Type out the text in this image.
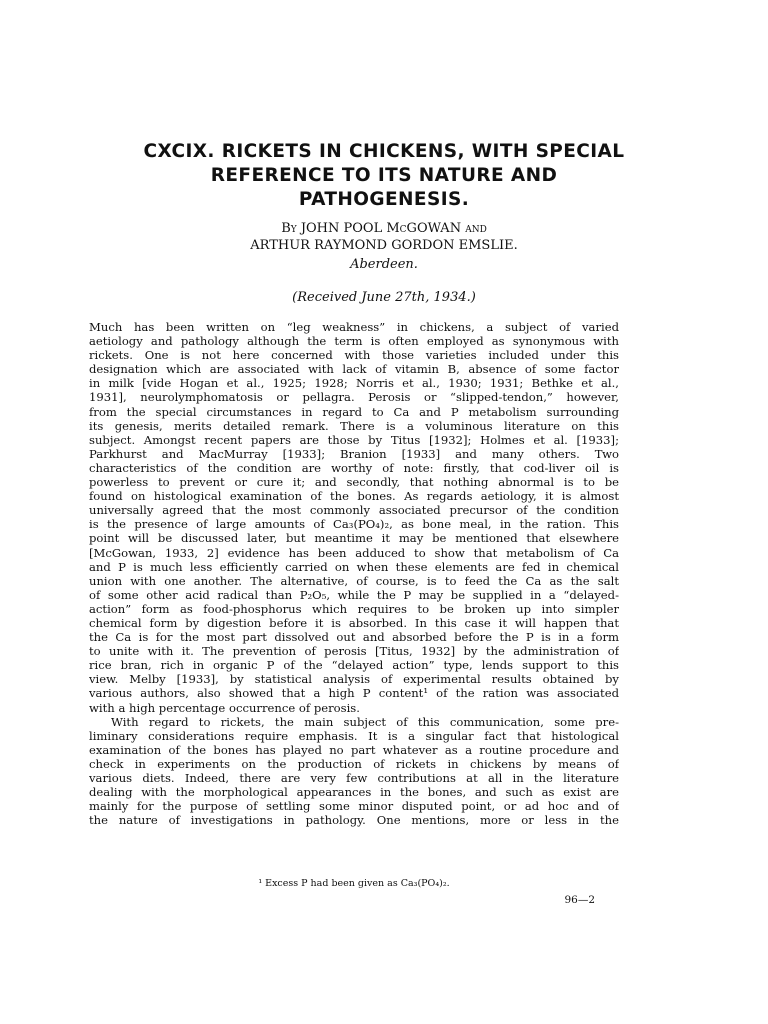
CXCIX. RICKETS IN CHICKENS, WITH SPECIAL
REFERENCE TO ITS NATURE AND
PATHOGENESIS.
By JOHN POOL McGOWAN and
ARTHUR RAYMOND GORDON EMSLIE.
Aberdeen.
(Received June 27th, 1934.)
Much has been written on “leg weakness” in chickens, a subject of varied
aetiology and pathology although the term is often employed as synonymous with
rickets. One is not here concerned with those varieties included under this
designation which are associated with lack of vitamin B, absence of some factor
in milk [vide Hogan et al., 1925; 1928; Norris et al., 1930; 1931; Bethke et al.,
1931], neurolymphomatosis or pellagra. Perosis or “slipped-tendon,” however,
from the special circumstances in regard to Ca and P metabolism surrounding
its genesis, merits detailed remark. There is a voluminous literature on this
subject. Amongst recent papers are those by Titus [1932]; Holmes et al. [1933];
Parkhurst and MacMurray [1933]; Branion [1933] and many others. Two
characteristics of the condition are worthy of note: firstly, that cod-liver oil is
powerless to prevent or cure it; and secondly, that nothing abnormal is to be
found on histological examination of the bones. As regards aetiology, it is almost
universally agreed that the most commonly associated precursor of the condition
is the presence of large amounts of Ca₃(PO₄)₂, as bone meal, in the ration. This
point will be discussed later, but meantime it may be mentioned that elsewhere
[McGowan, 1933, 2] evidence has been adduced to show that metabolism of Ca
and P is much less efficiently carried on when these elements are fed in chemical
union with one another. The alternative, of course, is to feed the Ca as the salt
of some other acid radical than P₂O₅, while the P may be supplied in a “delayed-
action” form as food-phosphorus which requires to be broken up into simpler
chemical form by digestion before it is absorbed. In this case it will happen that
the Ca is for the most part dissolved out and absorbed before the P is in a form
to unite with it. The prevention of perosis [Titus, 1932] by the administration of
rice bran, rich in organic P of the “delayed action” type, lends support to this
view. Melby [1933], by statistical analysis of experimental results obtained by
various authors, also showed that a high P content¹ of the ration was associated
with a high percentage occurrence of perosis.
With regard to rickets, the main subject of this communication, some pre-
liminary considerations require emphasis. It is a singular fact that histological
examination of the bones has played no part whatever as a routine procedure and
check in experiments on the production of rickets in chickens by means of
various diets. Indeed, there are very few contributions at all in the literature
dealing with the morphological appearances in the bones, and such as exist are
mainly for the purpose of settling some minor disputed point, or ad hoc and of
the nature of investigations in pathology. One mentions, more or less in the
¹ Excess P had been given as Ca₃(PO₄)₂.
96—2
